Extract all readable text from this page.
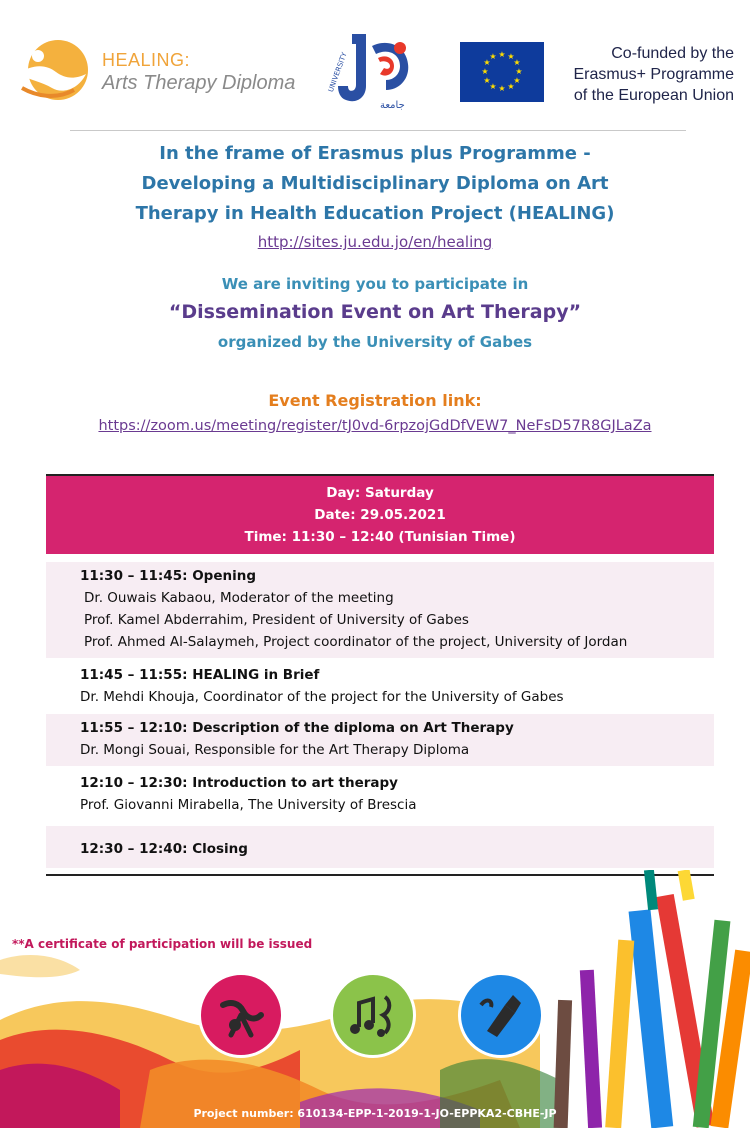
HEALING:
Arts Therapy Diploma	UNIVERSITY
جامعة
★ ★
★
★
★
★
★
★
★
★
★
★	Co-funded by the
Erasmus+ Programme
of the European Union
In the frame of Erasmus plus Programme -
Developing a Multidisciplinary Diploma on Art
Therapy in Health Education Project (HEALING)
http://sites.ju.edu.jo/en/healing
We are inviting you to participate in
“Dissemination Event on Art Therapy”
organized by the University of Gabes
Event Registration link:
https://zoom.us/meeting/register/tJ0vd-6rpzojGdDfVEW7_NeFsD57R8GJLaZa
Day: Saturday
Date: 29.05.2021
Time: 11:30 – 12:40 (Tunisian Time)
11:30 – 11:45: Opening
Dr. Ouwais Kabaou, Moderator of the meeting
Prof. Kamel Abderrahim, President of University of Gabes
Prof. Ahmed Al-Salaymeh, Project coordinator of the project, University of Jordan
11:45 – 11:55: HEALING in Brief
Dr. Mehdi Khouja, Coordinator of the project for the University of Gabes
11:55 – 12:10: Description of the diploma on Art Therapy
Dr. Mongi Souai, Responsible for the Art Therapy Diploma
12:10 – 12:30: Introduction to art therapy
Prof. Giovanni Mirabella, The University of Brescia
12:30 – 12:40: Closing
**A certificate of participation will be issued
Project number: 610134-EPP-1-2019-1-JO-EPPKA2-CBHE-JP
